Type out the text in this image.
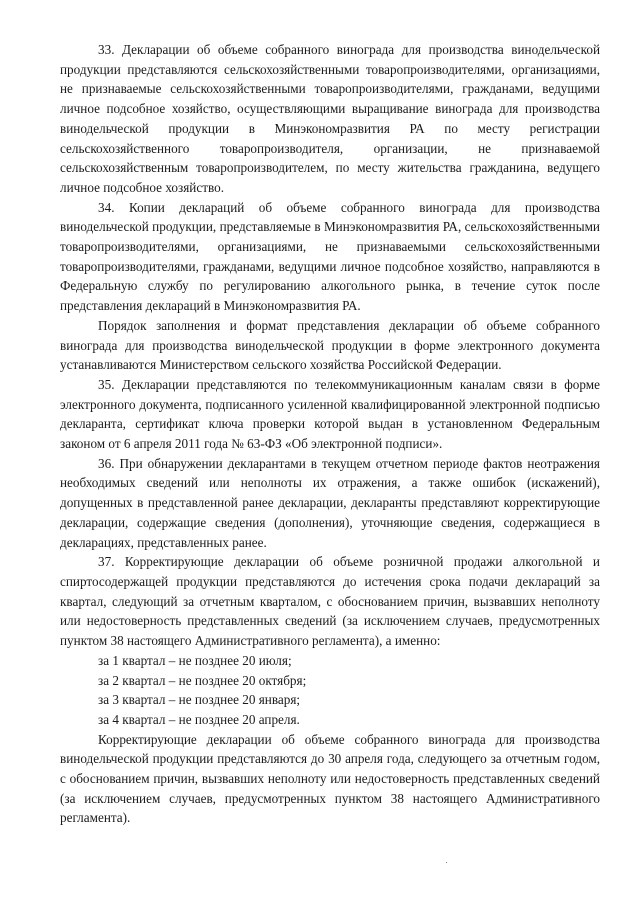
33. Декларации об объеме собранного винограда для производства винодельческой продукции представляются сельскохозяйственными товаропроизводителями, организациями, не признаваемые сельскохозяйственными товаропроизводителями, гражданами, ведущими личное подсобное хозяйство, осуществляющими выращивание винограда для производства винодельческой продукции в Минэкономразвития РА по месту регистрации сельскохозяйственного товаропроизводителя, организации, не признаваемой сельскохозяйственным товаропроизводителем, по месту жительства гражданина, ведущего личное подсобное хозяйство.

34. Копии деклараций об объеме собранного винограда для производства винодельческой продукции, представляемые в Минэкономразвития РА, сельскохозяйственными товаропроизводителями, организациями, не признаваемыми сельскохозяйственными товаропроизводителями, гражданами, ведущими личное подсобное хозяйство, направляются в Федеральную службу по регулированию алкогольного рынка, в течение суток после представления деклараций в Минэкономразвития РА.

Порядок заполнения и формат представления декларации об объеме собранного винограда для производства винодельческой продукции в форме электронного документа устанавливаются Министерством сельского хозяйства Российской Федерации.

35. Декларации представляются по телекоммуникационным каналам связи в форме электронного документа, подписанного усиленной квалифицированной электронной подписью декларанта, сертификат ключа проверки которой выдан в установленном Федеральным законом от 6 апреля 2011 года № 63-ФЗ «Об электронной подписи».

36. При обнаружении декларантами в текущем отчетном периоде фактов неотражения необходимых сведений или неполноты их отражения, а также ошибок (искажений), допущенных в представленной ранее декларации, декларанты представляют корректирующие декларации, содержащие сведения (дополнения), уточняющие сведения, содержащиеся в декларациях, представленных ранее.

37. Корректирующие декларации об объеме розничной продажи алкогольной и спиртосодержащей продукции представляются до истечения срока подачи деклараций за квартал, следующий за отчетным кварталом, с обоснованием причин, вызвавших неполноту или недостоверность представленных сведений (за исключением случаев, предусмотренных пунктом 38 настоящего Административного регламента), а именно:

за 1 квартал – не позднее 20 июля;

за 2 квартал – не позднее 20 октября;

за 3 квартал – не позднее 20 января;

за 4 квартал – не позднее 20 апреля.

Корректирующие декларации об объеме собранного винограда для производства винодельческой продукции представляются до 30 апреля года, следующего за отчетным годом, с обоснованием причин, вызвавших неполноту или недостоверность представленных сведений (за исключением случаев, предусмотренных пунктом 38 настоящего Административного регламента).
